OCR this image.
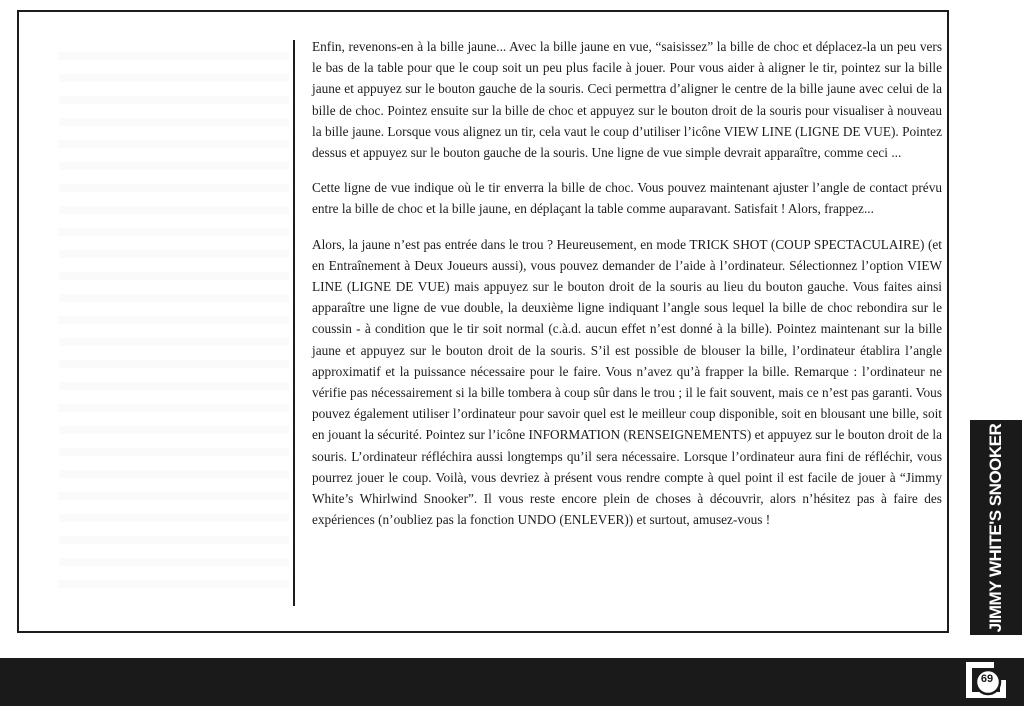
Enfin, revenons-en à la bille jaune... Avec la bille jaune en vue, “saisissez” la bille de choc et déplacez-la un peu vers le bas de la table pour que le coup soit un peu plus facile à jouer. Pour vous aider à aligner le tir, pointez sur la bille jaune et appuyez sur le bouton gauche de la souris. Ceci permettra d’aligner le centre de la bille jaune avec celui de la bille de choc. Pointez ensuite sur la bille de choc et appuyez sur le bouton droit de la souris pour visualiser à nouveau la bille jaune. Lorsque vous alignez un tir, cela vaut le coup d’utiliser l’icône VIEW LINE (LIGNE DE VUE). Pointez dessus et appuyez sur le bouton gauche de la souris. Une ligne de vue simple devrait apparaître, comme ceci ...

Cette ligne de vue indique où le tir enverra la bille de choc. Vous pouvez maintenant ajuster l’angle de contact prévu entre la bille de choc et la bille jaune, en déplaçant la table comme auparavant. Satisfait ! Alors, frappez...

Alors, la jaune n’est pas entrée dans le trou ? Heureusement, en mode TRICK SHOT (COUP SPECTACULAIRE) (et en Entraînement à Deux Joueurs aussi), vous pouvez demander de l’aide à l’ordinateur. Sélectionnez l’option VIEW LINE (LIGNE DE VUE) mais appuyez sur le bouton droit de la souris au lieu du bouton gauche. Vous faites ainsi apparaître une ligne de vue double, la deuxième ligne indiquant l’angle sous lequel la bille de choc rebondira sur le coussin - à condition que le tir soit normal (c.à.d. aucun effet n’est donné à la bille). Pointez maintenant sur la bille jaune et appuyez sur le bouton droit de la souris. S’il est possible de blouser la bille, l’ordinateur établira l’angle approximatif et la puissance nécessaire pour le faire. Vous n’avez qu’à frapper la bille. Remarque : l’ordinateur ne vérifie pas nécessairement si la bille tombera à coup sûr dans le trou ; il le fait souvent, mais ce n’est pas garanti. Vous pouvez également utiliser l’ordinateur pour savoir quel est le meilleur coup disponible, soit en blousant une bille, soit en jouant la sécurité. Pointez sur l’icône INFORMATION (RENSEIGNEMENTS) et appuyez sur le bouton droit de la souris. L’ordinateur réfléchira aussi longtemps qu’il sera nécessaire. Lorsque l’ordinateur aura fini de réfléchir, vous pourrez jouer le coup. Voilà, vous devriez à présent vous rendre compte à quel point il est facile de jouer à “Jimmy White’s Whirlwind Snooker”. Il vous reste encore plein de choses à découvrir, alors n’hésitez pas à faire des expériences (n’oubliez pas la fonction UNDO (ENLEVER)) et surtout, amusez-vous !	JIMMY WHITE'S SNOOKER
69
